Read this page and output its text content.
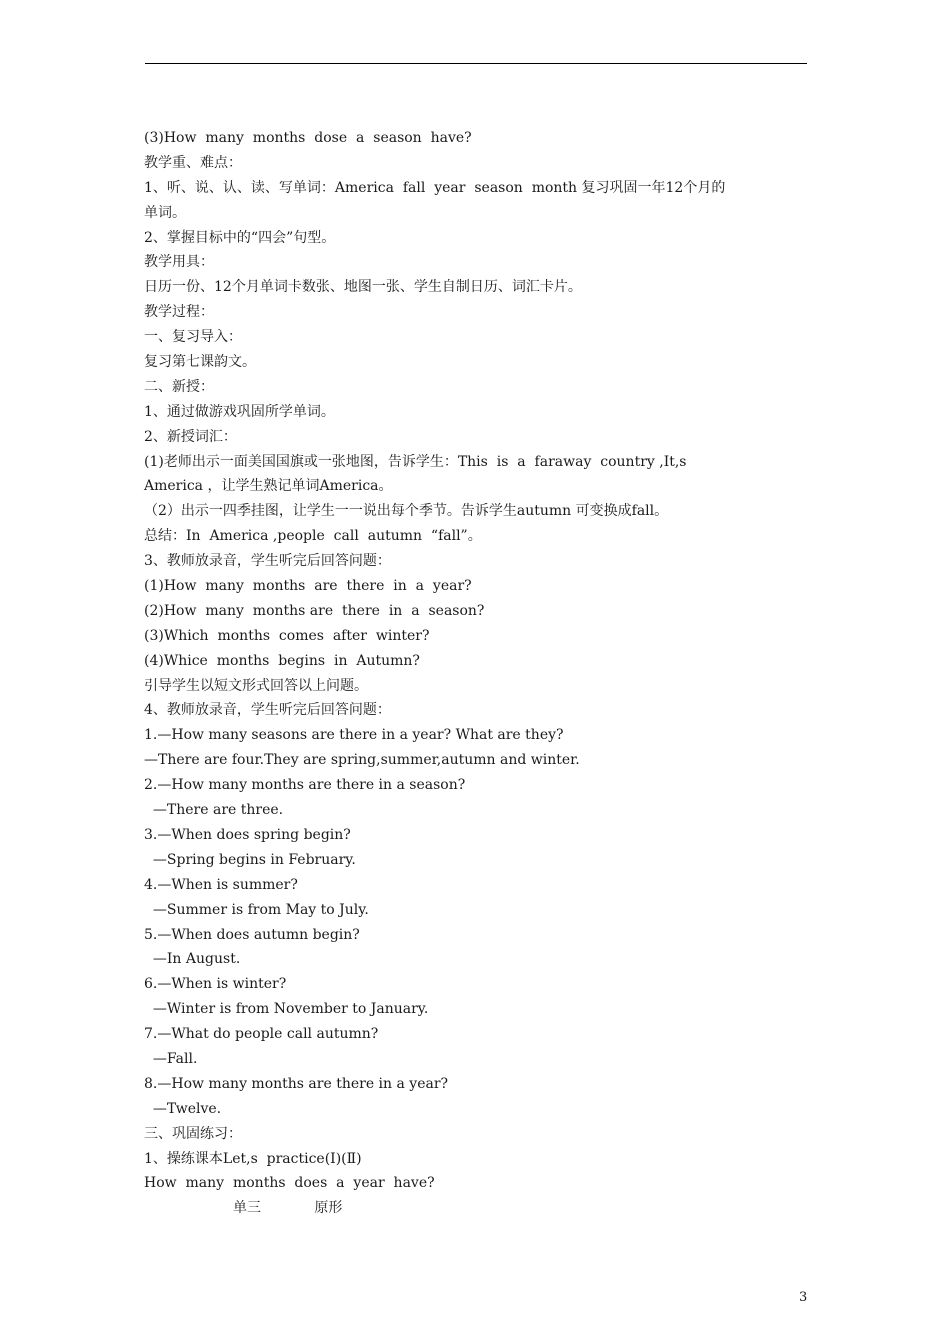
(3)How  many  months  dose  a  season  have?
教学重、难点：
1、听、说、认、读、写单词：America  fall  year  season  month 复习巩固一年12个月的
单词。
2、掌握目标中的“四会”句型。
教学用具：
日历一份、12个月单词卡数张、地图一张、学生自制日历、词汇卡片。
教学过程：
一、复习导入：
复习第七课韵文。
二、新授：
1、通过做游戏巩固所学单词。
2、新授词汇：
(1)老师出示一面美国国旗或一张地图，告诉学生：This  is  a  faraway  country ,It,s
America ，让学生熟记单词America。
（2）出示一四季挂图，让学生一一说出每个季节。告诉学生autumn 可变换成fall。
总结：In  America ,people  call  autumn  “fall”。
3、教师放录音，学生听完后回答问题：
(1)How  many  months  are  there  in  a  year?
(2)How  many  months are  there  in  a  season?
(3)Which  months  comes  after  winter?
(4)Whice  months  begins  in  Autumn?
引导学生以短文形式回答以上问题。
4、教师放录音，学生听完后回答问题：
1.—How many seasons are there in a year? What are they?
—There are four.They are spring,summer,autumn and winter.
2.—How many months are there in a season?
—There are three.
3.—When does spring begin?
—Spring begins in February.
4.—When is summer?
—Summer is from May to July.
5.—When does autumn begin?
—In August.
6.—When is winter?
—Winter is from November to January.
7.—What do people call autumn?
—Fall.
8.—How many months are there in a year?
—Twelve.
三、巩固练习：
1、操练课本Let,s  practice(I)(Ⅱ)
How  many  months  does  a  year  have?
单三            原形
3
